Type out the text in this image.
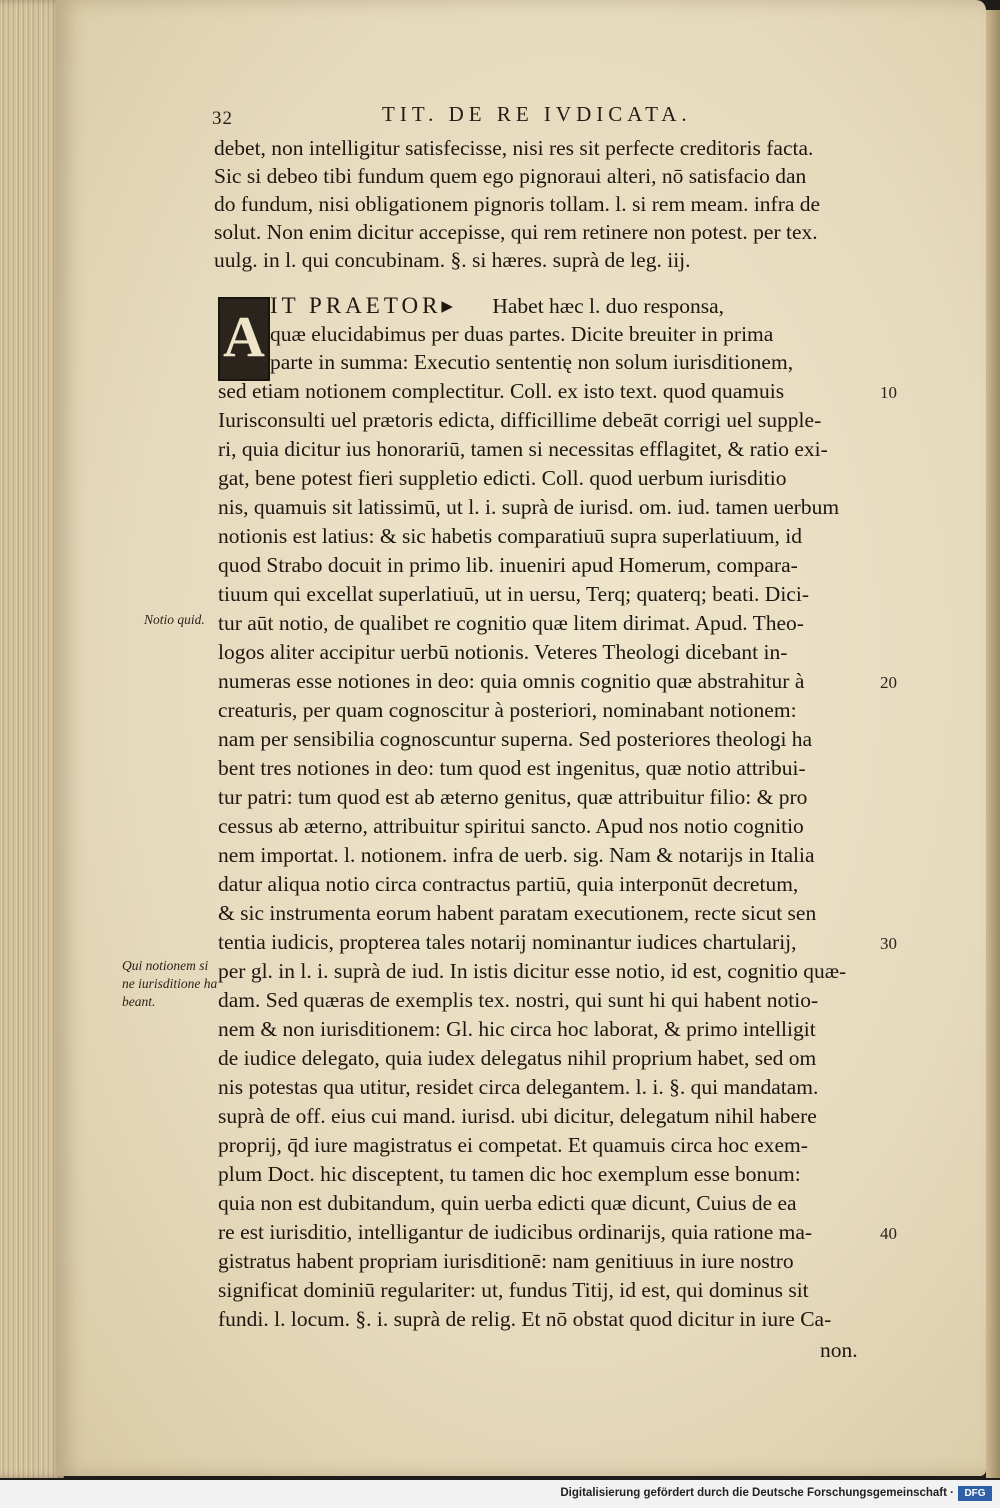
32	TIT. DE RE IVDICATA.
debet, non intelligitur satisfecisse, nisi res sit perfecte creditoris facta.
Sic si debeo tibi fundum quem ego pignoraui alteri, nō satisfacio dan
do fundum, nisi obligationem pignoris tollam. l. si rem meam. infra de
solut. Non enim dicitur accepisse, qui rem retinere non potest. per tex.
uulg. in l. qui concubinam. §. si hæres. suprà de leg. iij.
A IT PRAETOR▸ Habet hæc l. duo responsa,
quæ elucidabimus per duas partes. Dicite breuiter in prima
parte in summa: Executio sententię non solum iurisditionem,
sed etiam notionem complectitur. Coll. ex isto text. quod quamuis
Iurisconsulti uel prætoris edicta, difficillime debeāt corrigi uel supple-
ri, quia dicitur ius honorariū, tamen si necessitas efflagitet, & ratio exi-
gat, bene potest fieri suppletio edicti. Coll. quod uerbum iurisditio
nis, quamuis sit latissimū, ut l. i. suprà de iurisd. om. iud. tamen uerbum
notionis est latius: & sic habetis comparatiuū supra superlatiuum, id
quod Strabo docuit in primo lib. inueniri apud Homerum, compara-
tiuum qui excellat superlatiuū, ut in uersu, Terq; quaterq; beati. Dici-
tur aūt notio, de qualibet re cognitio quæ litem dirimat. Apud. Theo-
logos aliter accipitur uerbū notionis. Veteres Theologi dicebant in-
numeras esse notiones in deo: quia omnis cognitio quæ abstrahitur à
creaturis, per quam cognoscitur à posteriori, nominabant notionem:
nam per sensibilia cognoscuntur superna. Sed posteriores theologi ha
bent tres notiones in deo: tum quod est ingenitus, quæ notio attribui-
tur patri: tum quod est ab æterno genitus, quæ attribuitur filio: & pro
cessus ab æterno, attribuitur spiritui sancto. Apud nos notio cognitio
nem importat. l. notionem. infra de uerb. sig. Nam & notarijs in Italia
datur aliqua notio circa contractus partiū, quia interponūt decretum,
& sic instrumenta eorum habent paratam executionem, recte sicut sen
tentia iudicis, propterea tales notarij nominantur iudices chartularij,
per gl. in l. i. suprà de iud. In istis dicitur esse notio, id est, cognitio quæ-
dam. Sed quæras de exemplis tex. nostri, qui sunt hi qui habent notio-
nem & non iurisditionem: Gl. hic circa hoc laborat, & primo intelligit
de iudice delegato, quia iudex delegatus nihil proprium habet, sed om
nis potestas qua utitur, residet circa delegantem. l. i. §. qui mandatam.
suprà de off. eius cui mand. iurisd. ubi dicitur, delegatum nihil habere
proprij, q̄d iure magistratus ei competat. Et quamuis circa hoc exem-
plum Doct. hic disceptent, tu tamen dic hoc exemplum esse bonum:
quia non est dubitandum, quin uerba edicti quæ dicunt, Cuius de ea
re est iurisditio, intelligantur de iudicibus ordinarijs, quia ratione ma-
gistratus habent propriam iurisditionē: nam genitiuus in iure nostro
significat dominiū regulariter: ut, fundus Titij, id est, qui dominus sit
fundi. l. locum. §. i. suprà de relig. Et nō obstat quod dicitur in iure Ca-
non.
Notio quid.
Qui notionem si
ne iurisditione ha
beant.
10
20
30
40
Digitalisierung gefördert durch die Deutsche Forschungsgemeinschaft ·	DFG
